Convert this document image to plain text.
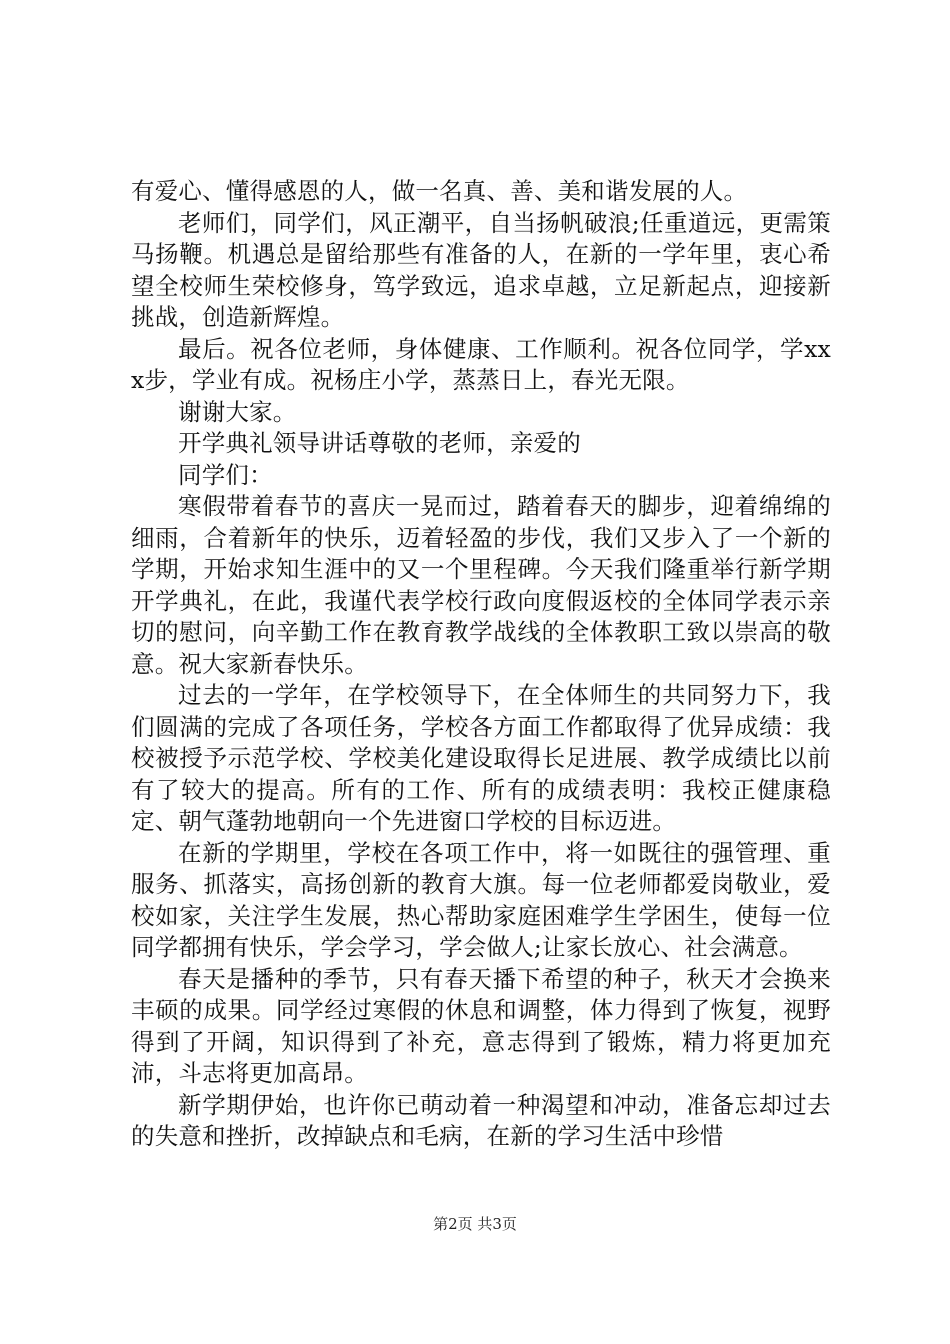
有爱心、懂得感恩的人，做一名真、善、美和谐发展的人。

老师们，同学们，风正潮平，自当扬帆破浪;任重道远，更需策马扬鞭。机遇总是留给那些有准备的人，在新的一学年里，衷心希望全校师生荣校修身，笃学致远，追求卓越，立足新起点，迎接新挑战，创造新辉煌。

最后。祝各位老师，身体健康、工作顺利。祝各位同学，学xxx步，学业有成。祝杨庄小学，蒸蒸日上，春光无限。

谢谢大家。

开学典礼领导讲话尊敬的老师，亲爱的

同学们：

寒假带着春节的喜庆一晃而过，踏着春天的脚步，迎着绵绵的细雨，合着新年的快乐，迈着轻盈的步伐，我们又步入了一个新的学期，开始求知生涯中的又一个里程碑。今天我们隆重举行新学期开学典礼，在此，我谨代表学校行政向度假返校的全体同学表示亲切的慰问，向辛勤工作在教育教学战线的全体教职工致以崇高的敬意。祝大家新春快乐。

过去的一学年，在学校领导下，在全体师生的共同努力下，我们圆满的完成了各项任务，学校各方面工作都取得了优异成绩：我校被授予示范学校、学校美化建设取得长足进展、教学成绩比以前有了较大的提高。所有的工作、所有的成绩表明：我校正健康稳定、朝气蓬勃地朝向一个先进窗口学校的目标迈进。

在新的学期里，学校在各项工作中，将一如既往的强管理、重服务、抓落实，高扬创新的教育大旗。每一位老师都爱岗敬业，爱校如家，关注学生发展，热心帮助家庭困难学生学困生，使每一位同学都拥有快乐，学会学习，学会做人;让家长放心、社会满意。

春天是播种的季节，只有春天播下希望的种子，秋天才会换来丰硕的成果。同学经过寒假的休息和调整，体力得到了恢复，视野得到了开阔，知识得到了补充，意志得到了锻炼，精力将更加充沛，斗志将更加高昂。

新学期伊始，也许你已萌动着一种渴望和冲动，准备忘却过去的失意和挫折，改掉缺点和毛病，在新的学习生活中珍惜

第2页 共3页
